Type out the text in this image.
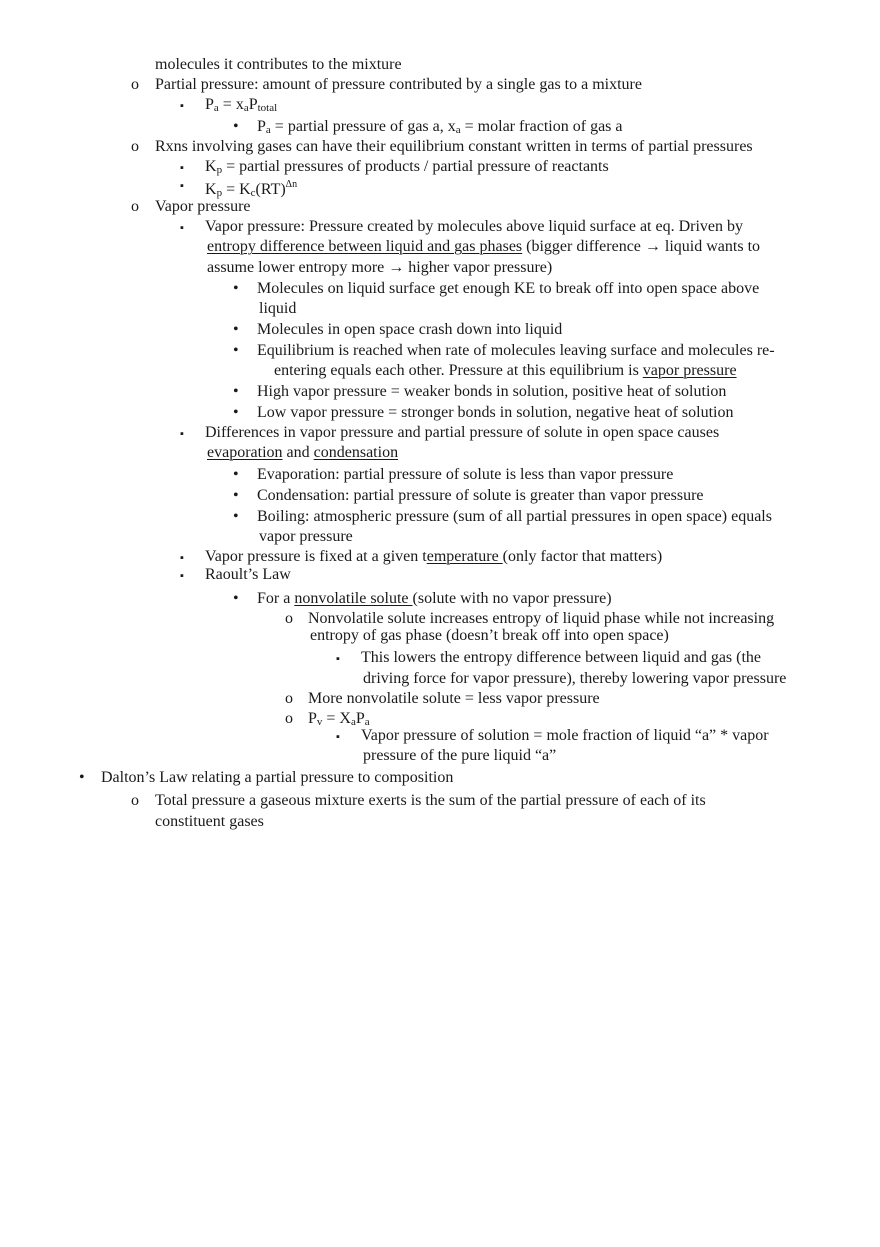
molecules it contributes to the mixture
o Partial pressure: amount of pressure contributed by a single gas to a mixture
▪ Pa = xaPtotal
• Pa = partial pressure of gas a, xa = molar fraction of gas a
o Rxns involving gases can have their equilibrium constant written in terms of partial pressures
▪ Kp = partial pressures of products / partial pressure of reactants
▪ Kp = Kc(RT)$^{\Delta n}$
o Vapor pressure
▪ Vapor pressure: Pressure created by molecules above liquid surface at eq. Driven by
entropy difference between liquid and gas phases (bigger difference → liquid wants to
assume lower entropy more → higher vapor pressure)
• Molecules on liquid surface get enough KE to break off into open space above
liquid
• Molecules in open space crash down into liquid
• Equilibrium is reached when rate of molecules leaving surface and molecules re-
entering equals each other. Pressure at this equilibrium is vapor pressure
• High vapor pressure = weaker bonds in solution, positive heat of solution
• Low vapor pressure = stronger bonds in solution, negative heat of solution
▪ Differences in vapor pressure and partial pressure of solute in open space causes
evaporation and condensation
• Evaporation: partial pressure of solute is less than vapor pressure
• Condensation: partial pressure of solute is greater than vapor pressure
• Boiling: atmospheric pressure (sum of all partial pressures in open space) equals
vapor pressure
▪ Vapor pressure is fixed at a given temperature (only factor that matters)
▪ Raoult’s Law
• For a nonvolatile solute (solute with no vapor pressure)
o Nonvolatile solute increases entropy of liquid phase while not increasing
entropy of gas phase (doesn’t break off into open space)
▪ This lowers the entropy difference between liquid and gas (the
driving force for vapor pressure), thereby lowering vapor pressure
o More nonvolatile solute = less vapor pressure
o Pv = XaPa
▪ Vapor pressure of solution = mole fraction of liquid “a” * vapor
pressure of the pure liquid “a”
• Dalton’s Law relating a partial pressure to composition
o Total pressure a gaseous mixture exerts is the sum of the partial pressure of each of its
constituent gases
